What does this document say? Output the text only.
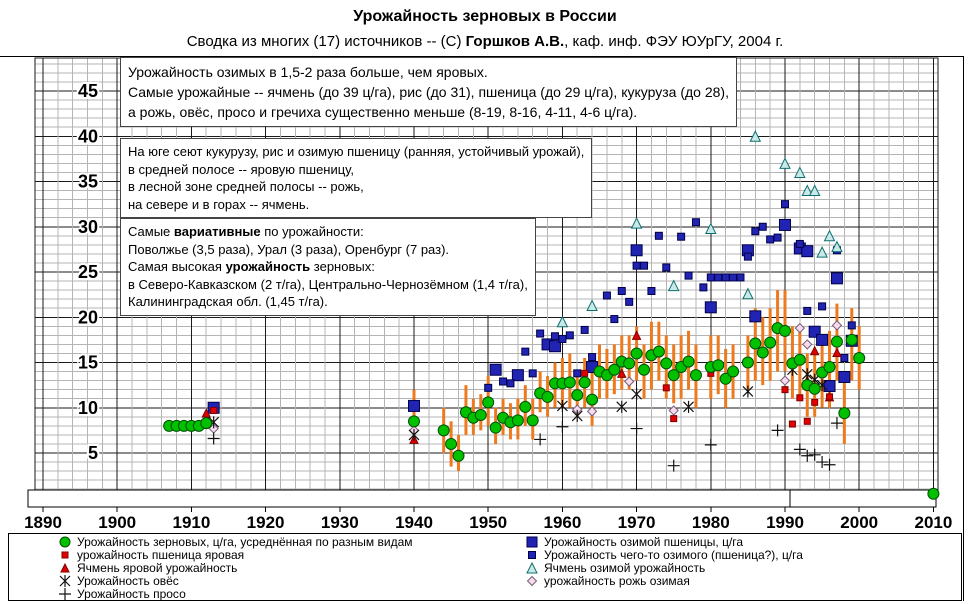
45
40
35
30
25
20
15
10
5
1890 1900 1910 1920 1930 1940 1950 1960 1970 1980 1990 2000 2010
Урожайность зерновых в России
Сводка из многих (17) источников -- (С) Горшков А.В., каф. инф. ФЭУ ЮУрГУ, 2004 г.
Урожайность озимых в 1,5-2 раза больше, чем яровых.
Самые урожайные -- ячмень (до 39 ц/га), рис (до 31), пшеница (до 29 ц/га), кукуруза (до 28),
а рожь, овёс, просо и гречиха существенно меньше (8-19, 8-16, 4-11, 4-6 ц/га).
На юге сеют кукурузу, рис и озимую пшеницу (ранняя, устойчивый урожай),
в средней полосе -- яровую пшеницу,
в лесной зоне средней полосы -- рожь,
на севере и в горах -- ячмень.
Самые вариативные по урожайности:
Поволжье (3,5 раза), Урал (3 раза), Оренбург (7 раз).
Самая высокая урожайность зерновых:
в Северо-Кавказском (2 т/га), Центрально-Чернозёмном (1,4 т/га),
Калининградская обл. (1,45 т/га).
Урожайность зерновых, ц/га, усреднённая по разным видам
урожайность пшеница яровая
Ячмень яровой урожайность
Урожайность овёс
Урожайность просо
Урожайность озимой пшеницы, ц/га
Урожайность чего-то озимого (пшеница?), ц/га
Ячмень озимой урожайность
урожайность рожь озимая
